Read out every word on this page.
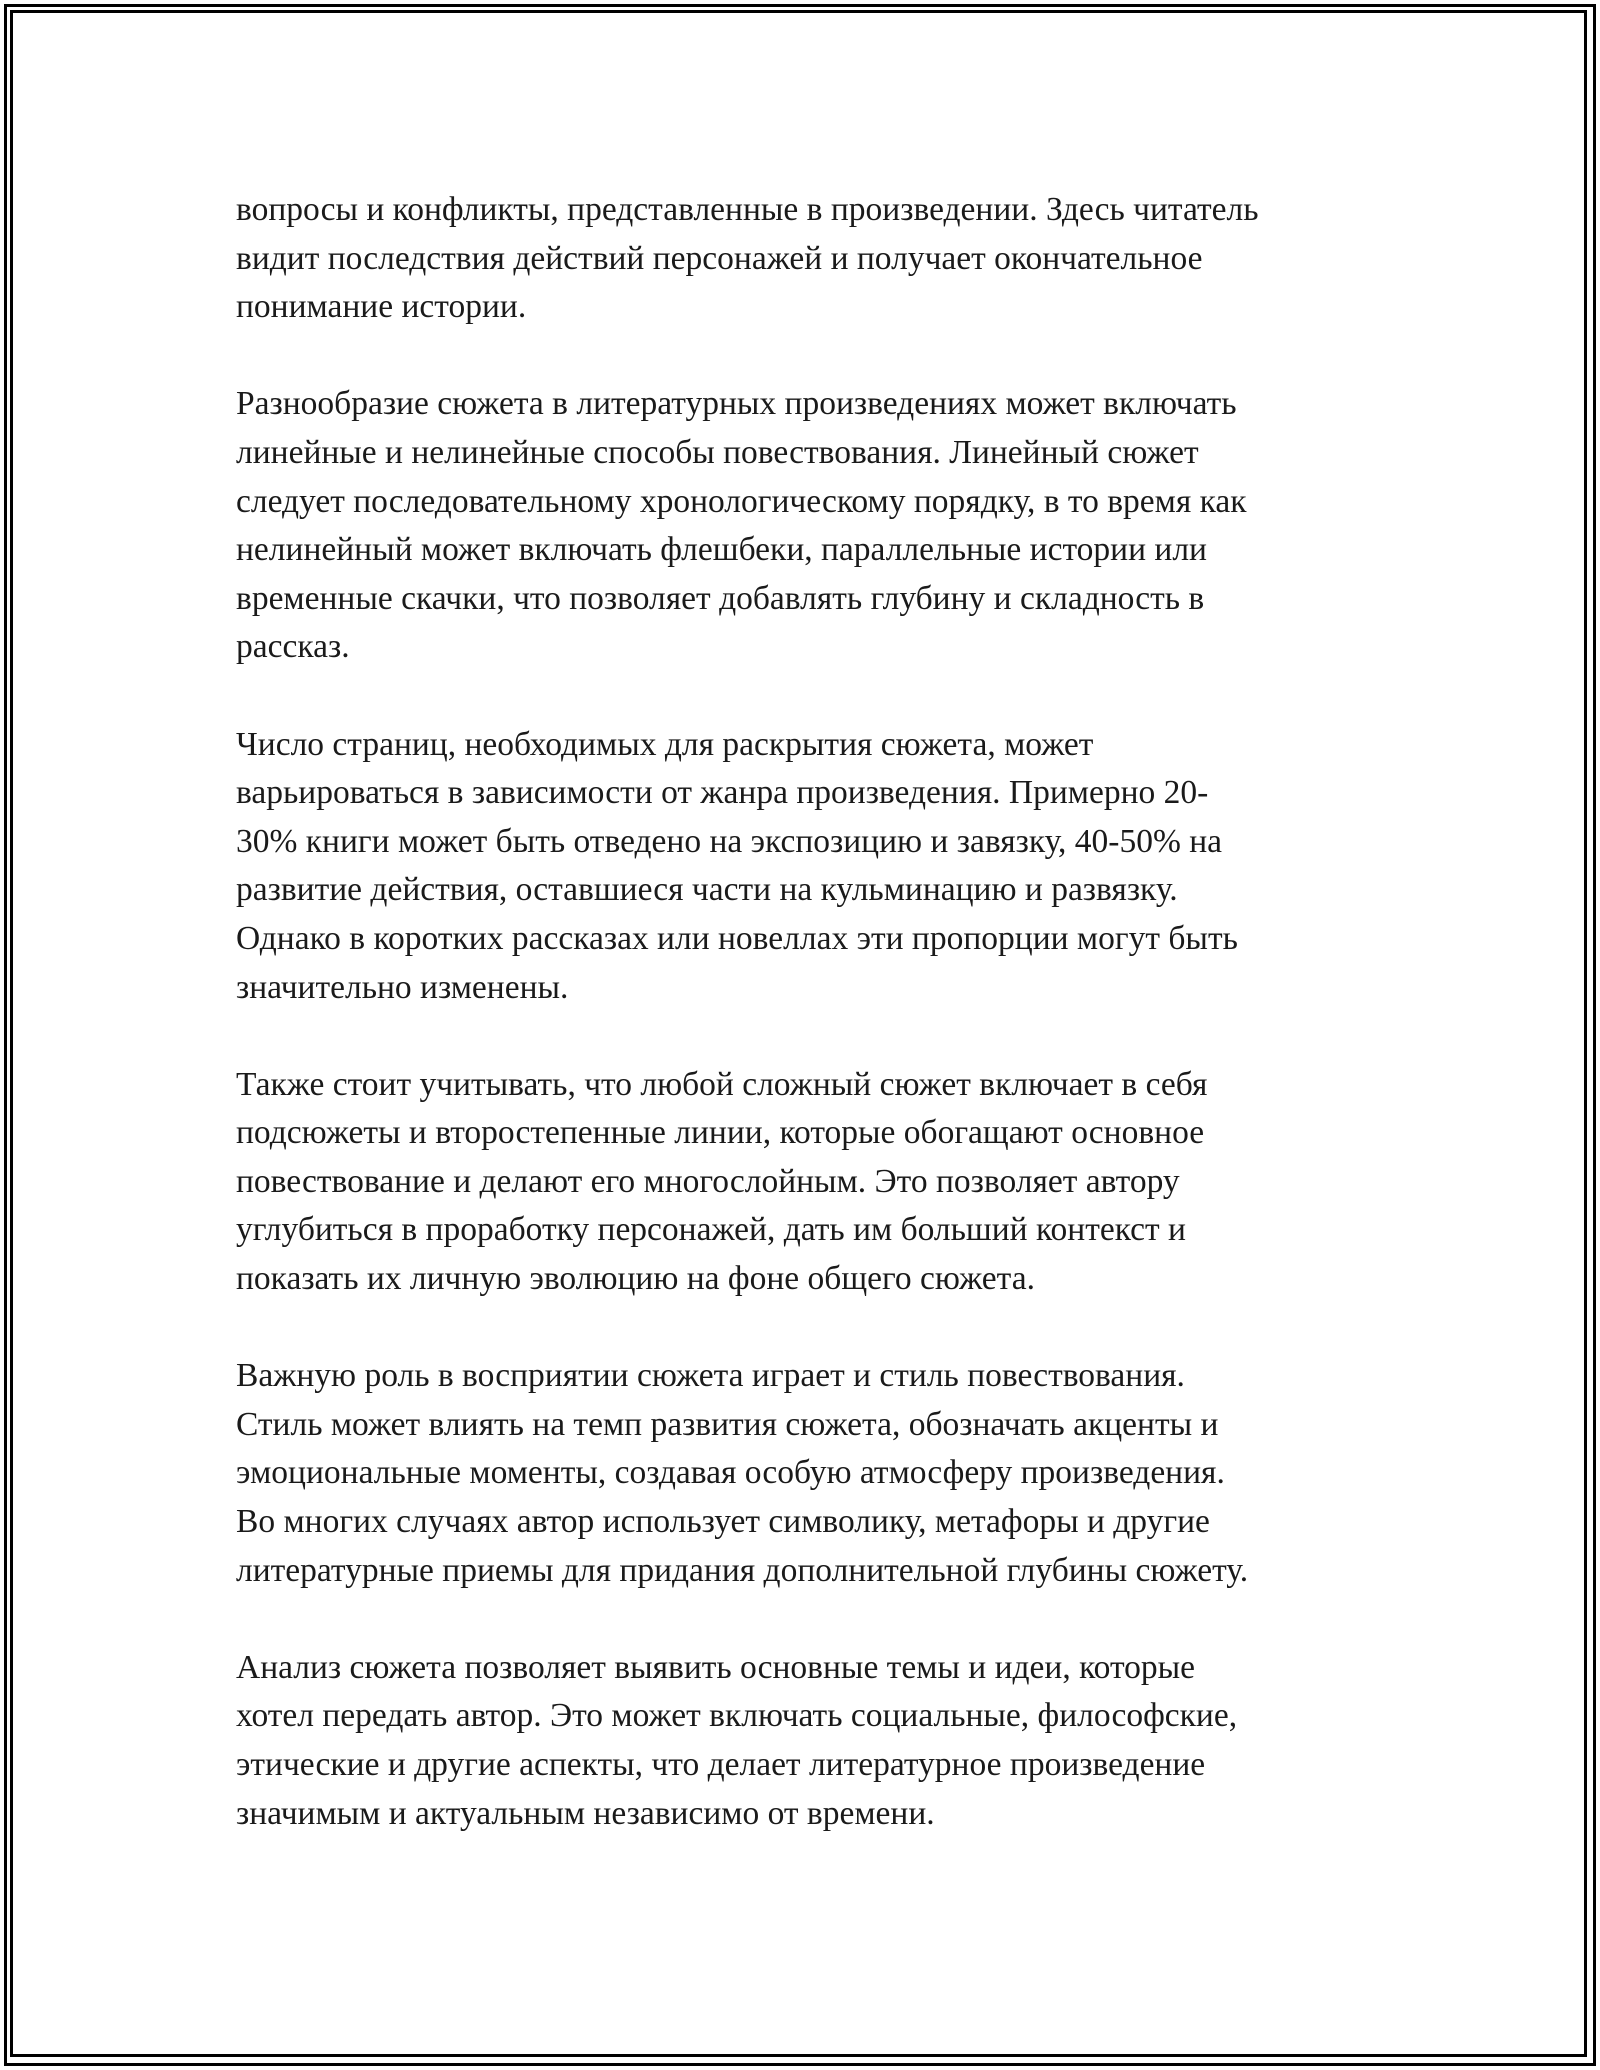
вопросы и конфликты, представленные в произведении. Здесь читатель
видит последствия действий персонажей и получает окончательное
понимание истории.

Разнообразие сюжета в литературных произведениях может включать
линейные и нелинейные способы повествования. Линейный сюжет
следует последовательному хронологическому порядку, в то время как
нелинейный может включать флешбеки, параллельные истории или
временные скачки, что позволяет добавлять глубину и складность в
рассказ.

Число страниц, необходимых для раскрытия сюжета, может
варьироваться в зависимости от жанра произведения. Примерно 20-
30% книги может быть отведено на экспозицию и завязку, 40-50% на
развитие действия, оставшиеся части на кульминацию и развязку.
Однако в коротких рассказах или новеллах эти пропорции могут быть
значительно изменены.

Также стоит учитывать, что любой сложный сюжет включает в себя
подсюжеты и второстепенные линии, которые обогащают основное
повествование и делают его многослойным. Это позволяет автору
углубиться в проработку персонажей, дать им больший контекст и
показать их личную эволюцию на фоне общего сюжета.

Важную роль в восприятии сюжета играет и стиль повествования.
Стиль может влиять на темп развития сюжета, обозначать акценты и
эмоциональные моменты, создавая особую атмосферу произведения.
Во многих случаях автор использует символику, метафоры и другие
литературные приемы для придания дополнительной глубины сюжету.

Анализ сюжета позволяет выявить основные темы и идеи, которые
хотел передать автор. Это может включать социальные, философские,
этические и другие аспекты, что делает литературное произведение
значимым и актуальным независимо от времени.
